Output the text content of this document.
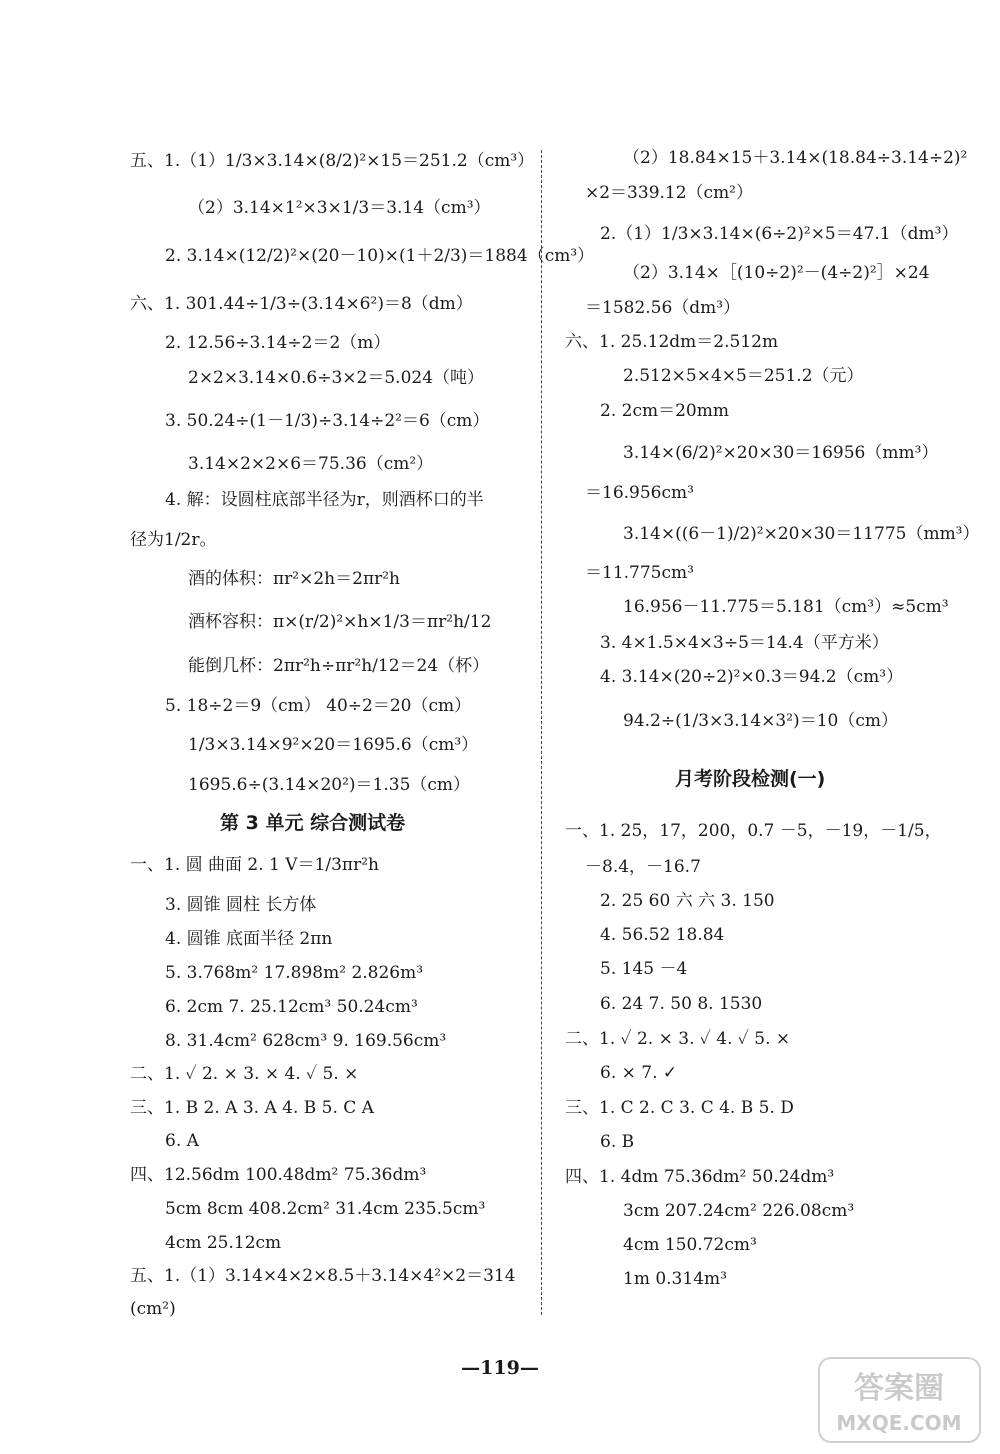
五、1.（1）1/3×3.14×(8/2)²×15＝251.2（cm³）
（2）3.14×1²×3×1/3＝3.14（cm³）
2. 3.14×(12/2)²×(20－10)×(1＋2/3)＝1884（cm³）
六、1. 301.44÷1/3÷(3.14×6²)＝8（dm）
2. 12.56÷3.14÷2＝2（m）
2×2×3.14×0.6÷3×2＝5.024（吨）
3. 50.24÷(1－1/3)÷3.14÷2²＝6（cm）
3.14×2×2×6＝75.36（cm²）
4. 解：设圆柱底部半径为r，则酒杯口的半
径为1/2r。
酒的体积：πr²×2h＝2πr²h
酒杯容积：π×(r/2)²×h×1/3＝πr²h/12
能倒几杯：2πr²h÷πr²h/12＝24（杯）
5. 18÷2＝9（cm） 40÷2＝20（cm）
1/3×3.14×9²×20＝1695.6（cm³）
1695.6÷(3.14×20²)＝1.35（cm）
第 3 单元 综合测试卷
一、1. 圆 曲面 2. 1 V＝1/3πr²h
3. 圆锥 圆柱 长方体
4. 圆锥 底面半径 2πn
5. 3.768m² 17.898m² 2.826m³
6. 2cm 7. 25.12cm³ 50.24cm³
8. 31.4cm² 628cm³ 9. 169.56cm³
二、1. ✓ 2. × 3. × 4. ✓ 5. ×
三、1. B 2. A 3. A 4. B 5. C A
6. A
四、12.56dm 100.48dm² 75.36dm³
5cm 8cm 408.2cm² 31.4cm 235.5cm³
4cm 25.12cm
五、1.（1）3.14×4×2×8.5＋3.14×4²×2＝314
(cm²)
（2）18.84×15＋3.14×(18.84÷3.14÷2)²
×2＝339.12（cm²）
2.（1）1/3×3.14×(6÷2)²×5＝47.1（dm³）
（2）3.14×［(10÷2)²－(4÷2)²］×24
＝1582.56（dm³）
六、1. 25.12dm＝2.512m
2.512×5×4×5＝251.2（元）
2. 2cm＝20mm
3.14×(6/2)²×20×30＝16956（mm³）
＝16.956cm³
3.14×((6－1)/2)²×20×30＝11775（mm³）
＝11.775cm³
16.956－11.775＝5.181（cm³）≈5cm³
3. 4×1.5×4×3÷5＝14.4（平方米）
4. 3.14×(20÷2)²×0.3＝94.2（cm³）
94.2÷(1/3×3.14×3²)＝10（cm）
月考阶段检测(一)
一、1. 25，17，200，0.7 －5，－19，－1/5，
－8.4，－16.7
2. 25 60 六 六 3. 150
4. 56.52 18.84
5. 145 －4
6. 24 7. 50 8. 1530
二、1. ✓ 2. × 3. ✓ 4. ✓ 5. ×
6. × 7. ✓
三、1. C 2. C 3. C 4. B 5. D
6. B
四、1. 4dm 75.36dm² 50.24dm³
3cm 207.24cm² 226.08cm³
4cm 150.72cm³
1m 0.314m³
—119—
答案圈
MXQE.COM
